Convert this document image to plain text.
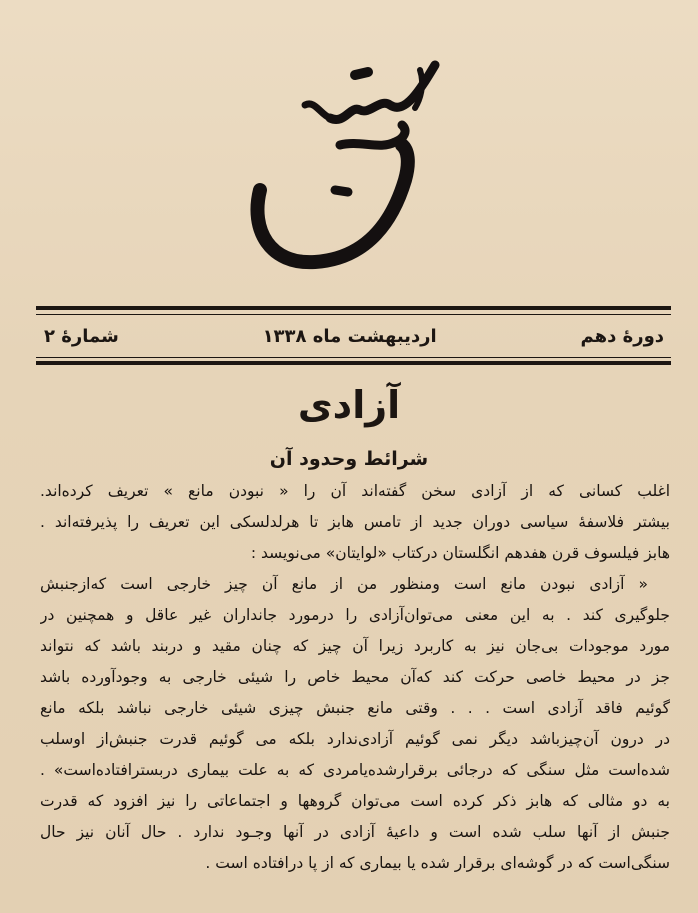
دورهٔ دهم
اردیبهشت ماه ۱۳۳۸
شمارهٔ ۲
آزادی
شرائط وحدود آن
اغلب کسانی که از آزادی سخن گفته‌اند آن را « نبودن مانع » تعریف کرده‌اند.
بیشتر فلاسفهٔ سیاسی دوران جدید از تامس هابز تا هرلدلسکی این تعریف را پذیرفته‌اند .
هابز فیلسوف قرن هفدهم انگلستان درکتاب «لوایتان» می‌نویسد :
« آزادی نبودن مانع است ومنظور من از مانع آن چیز خارجی است که‌ازجنبش
جلوگیری کند . به این معنی می‌توان‌آزادی را درمورد جانداران غیر عاقل و همچنین در
مورد موجودات بی‌جان نیز به کاربرد زیرا آن چیز که چنان مقید و دربند باشد که نتواند
جز در محیط خاصی حرکت کند که‌آن محیط خاص را شیئی خارجی به وجودآورده باشد
گوئیم فاقد آزادی است . . . وقتی مانع جنبش چیزی شیئی خارجی نباشد بلکه مانع
در درون آن‌چیزباشد دیگر نمی گوئیم آزادی‌ندارد بلکه می گوئیم قدرت جنبش‌از اوسلب
شده‌است مثل سنگی که درجائی برقرارشده‌یامردی که به علت بیماری دربستر‌افتاده‌است» .
به دو مثالی که هابز ذکر کرده است می‌توان گروهها و اجتماعاتی را نیز افزود که قدرت
جنبش از آنها سلب شده است و داعیهٔ آزادی در آنها وجـود ندارد . حال آنان نیز حال
سنگی‌است که در گوشه‌ای برقرار شده یا بیماری که از پا درافتاده است .
